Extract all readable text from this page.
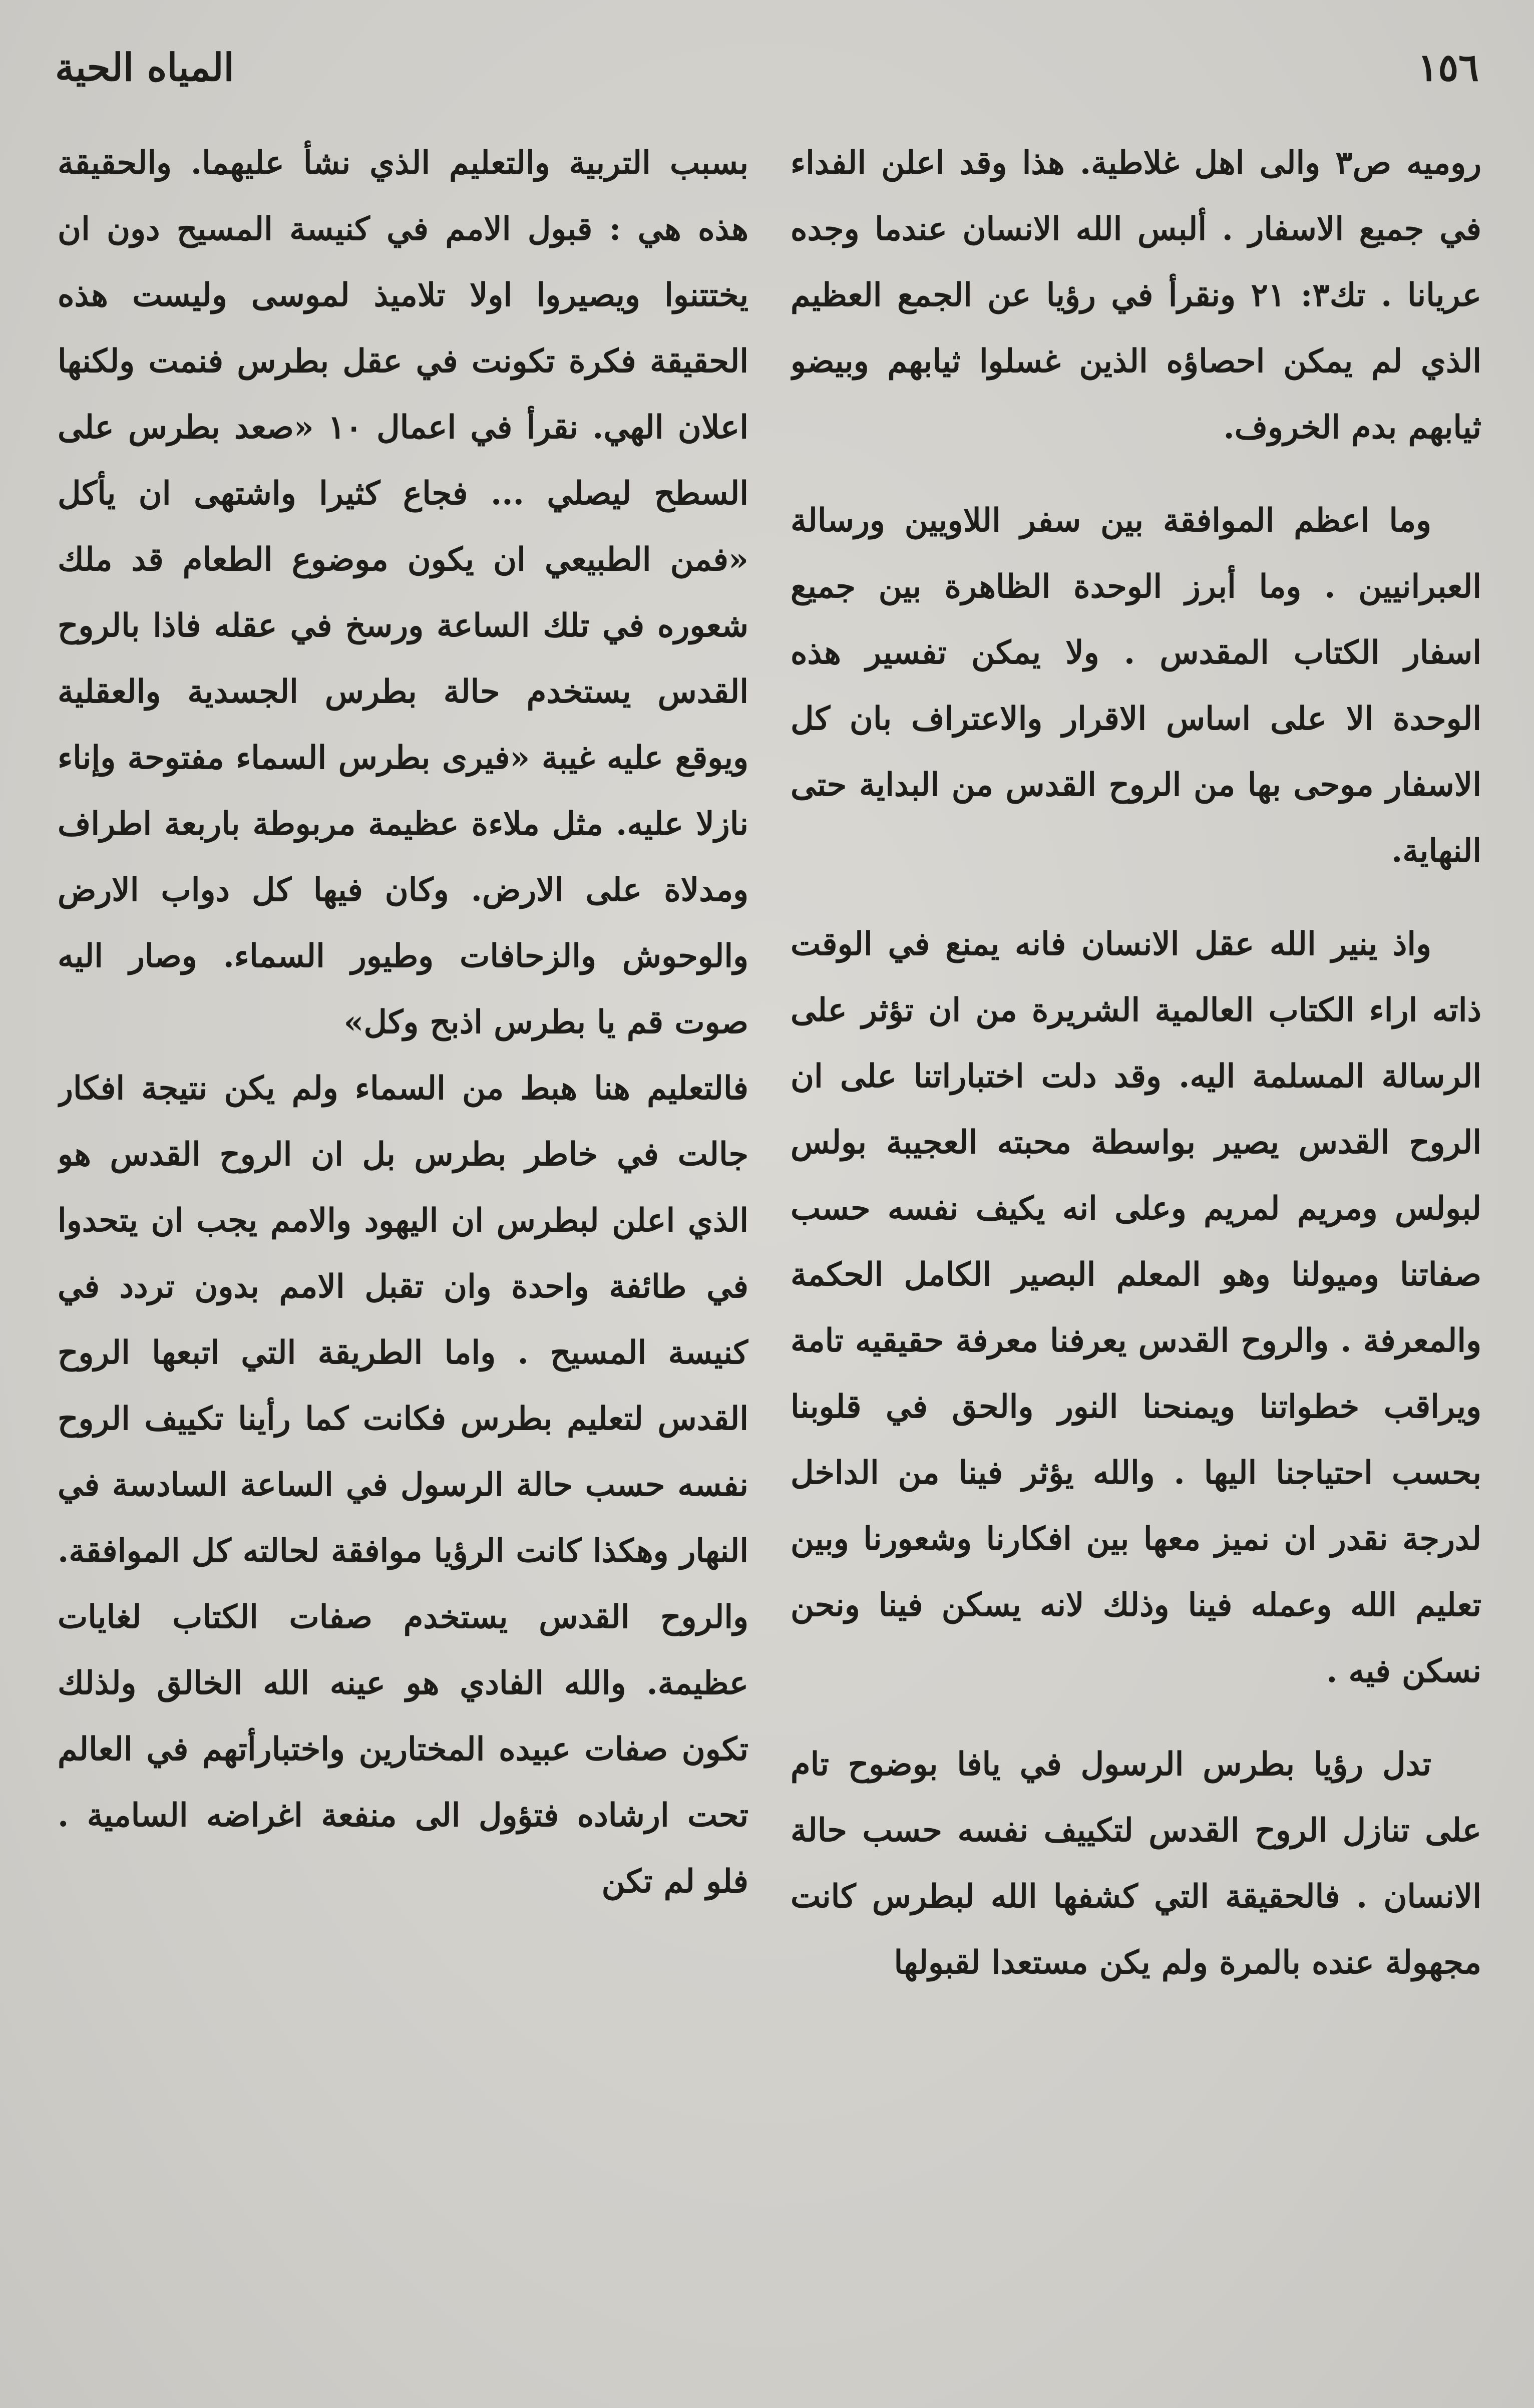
١٥٦
المياه الحية

روميه ص٣ والى اهل غلاطية. هذا وقد اعلن الفداء في جميع الاسفار . ألبس الله الانسان عندما وجده عريانا . تك٣: ٢١ ونقرأ في رؤيا عن الجمع العظيم الذي لم يمكن احصاؤه الذين غسلوا ثيابهم وبيضو ثيابهم بدم الخروف.

وما اعظم الموافقة بين سفر اللاويين ورسالة العبرانيين . وما أبرز الوحدة الظاهرة بين جميع اسفار الكتاب المقدس . ولا يمكن تفسير هذه الوحدة الا على اساس الاقرار والاعتراف بان كل الاسفار موحى بها من الروح القدس من البداية حتى النهاية.

واذ ينير الله عقل الانسان فانه يمنع في الوقت ذاته اراء الكتاب العالمية الشريرة من ان تؤثر على الرسالة المسلمة اليه. وقد دلت اختباراتنا على ان الروح القدس يصير بواسطة محبته العجيبة بولس لبولس ومريم لمريم وعلى انه يكيف نفسه حسب صفاتنا وميولنا وهو المعلم البصير الكامل الحكمة والمعرفة . والروح القدس يعرفنا معرفة حقيقيه تامة ويراقب خطواتنا ويمنحنا النور والحق في قلوبنا بحسب احتياجنا اليها . والله يؤثر فينا من الداخل لدرجة نقدر ان نميز معها بين افكارنا وشعورنا وبين تعليم الله وعمله فينا وذلك لانه يسكن فينا ونحن نسكن فيه .

تدل رؤيا بطرس الرسول في يافا بوضوح تام على تنازل الروح القدس لتكييف نفسه حسب حالة الانسان . فالحقيقة التي كشفها الله لبطرس كانت مجهولة عنده بالمرة ولم يكن مستعدا لقبولها

بسبب التربية والتعليم الذي نشأ عليهما. والحقيقة هذه هي : قبول الامم في كنيسة المسيح دون ان يختتنوا ويصيروا اولا تلاميذ لموسى وليست هذه الحقيقة فكرة تكونت في عقل بطرس فنمت ولكنها اعلان الهي. نقرأ في اعمال ١٠ «صعد بطرس على السطح ليصلي ... فجاع كثيرا واشتهى ان يأكل «فمن الطبيعي ان يكون موضوع الطعام قد ملك شعوره في تلك الساعة ورسخ في عقله فاذا بالروح القدس يستخدم حالة بطرس الجسدية والعقلية ويوقع عليه غيبة «فيرى بطرس السماء مفتوحة وإناء نازلا عليه. مثل ملاءة عظيمة مربوطة باربعة اطراف ومدلاة على الارض. وكان فيها كل دواب الارض والوحوش والزحافات وطيور السماء. وصار اليه صوت قم يا بطرس اذبح وكل»

فالتعليم هنا هبط من السماء ولم يكن نتيجة افكار جالت في خاطر بطرس بل ان الروح القدس هو الذي اعلن لبطرس ان اليهود والامم يجب ان يتحدوا في طائفة واحدة وان تقبل الامم بدون تردد في كنيسة المسيح . واما الطريقة التي اتبعها الروح القدس لتعليم بطرس فكانت كما رأينا تكييف الروح نفسه حسب حالة الرسول في الساعة السادسة في النهار وهكذا كانت الرؤيا موافقة لحالته كل الموافقة. والروح القدس يستخدم صفات الكتاب لغايات عظيمة. والله الفادي هو عينه الله الخالق ولذلك تكون صفات عبيده المختارين واختبارأتهم في العالم تحت ارشاده فتؤول الى منفعة اغراضه السامية . فلو لم تكن
